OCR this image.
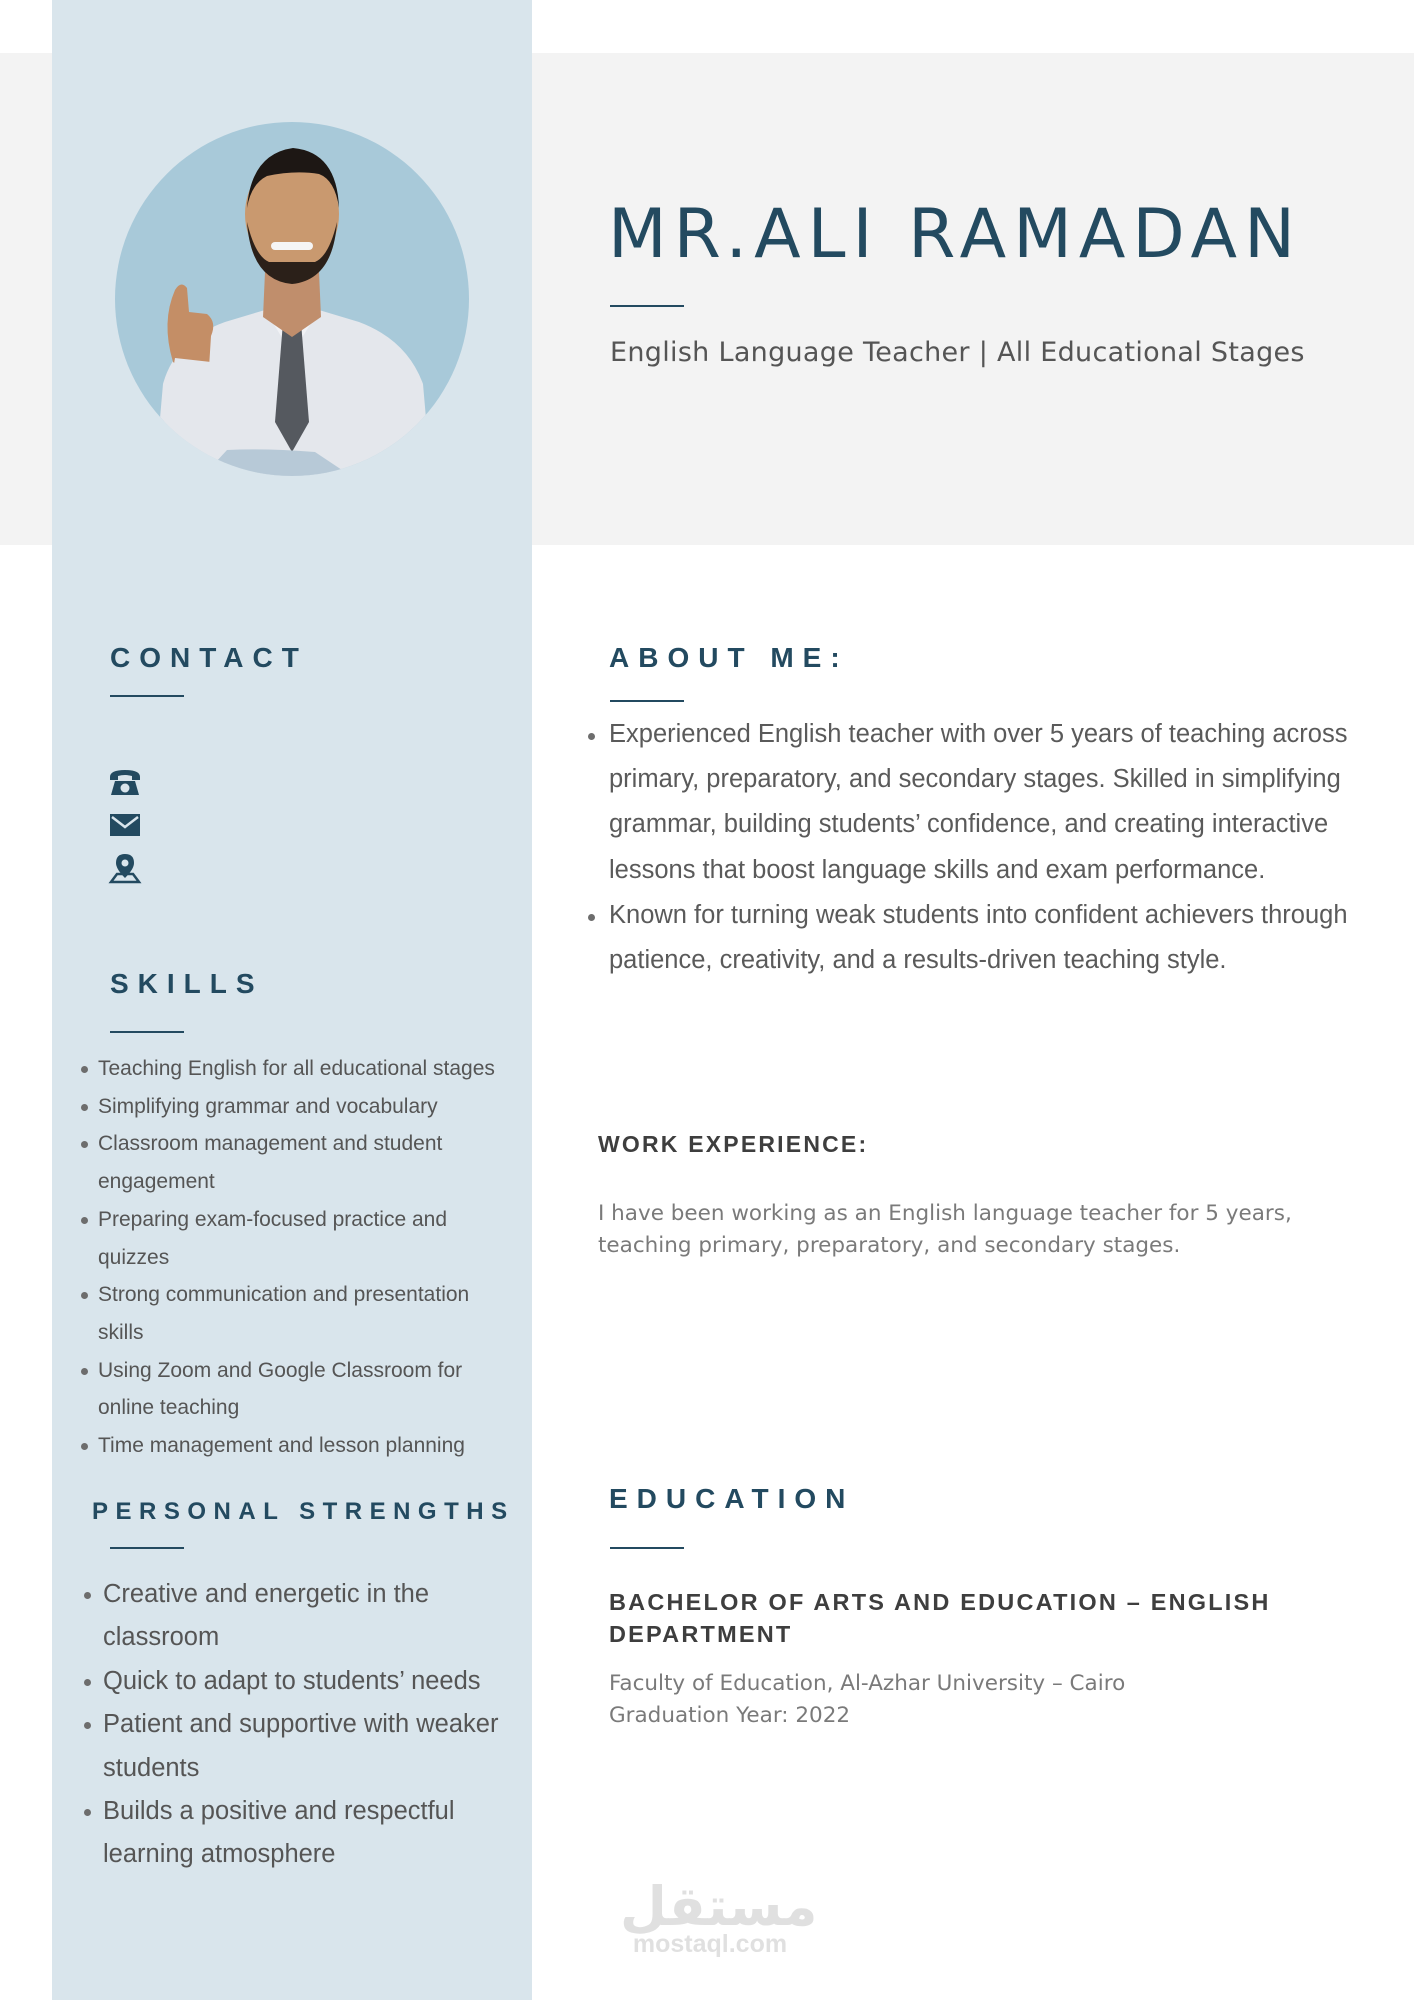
MR.ALI RAMADAN
English Language Teacher | All Educational Stages
CONTACT
SKILLS
Teaching English for all educational stages
Simplifying grammar and vocabulary
Classroom management and student engagement
Preparing exam-focused practice and quizzes
Strong communication and presentation skills
Using Zoom and Google Classroom for online teaching
Time management and lesson planning
PERSONAL STRENGTHS
Creative and energetic in the classroom
Quick to adapt to students’ needs
Patient and supportive with weaker students
Builds a positive and respectful learning atmosphere
ABOUT ME:
Experienced English teacher with over 5 years of teaching across primary, preparatory, and secondary stages. Skilled in simplifying grammar, building students’ confidence, and creating interactive lessons that boost language skills and exam performance.
Known for turning weak students into confident achievers through patience, creativity, and a results-driven teaching style.
WORK EXPERIENCE:
I have been working as an English language teacher for 5 years, teaching primary, preparatory, and secondary stages.
EDUCATION
BACHELOR OF ARTS AND EDUCATION – ENGLISH DEPARTMENT
Faculty of Education, Al-Azhar University – Cairo
Graduation Year: 2022
مستقل
mostaql.com
